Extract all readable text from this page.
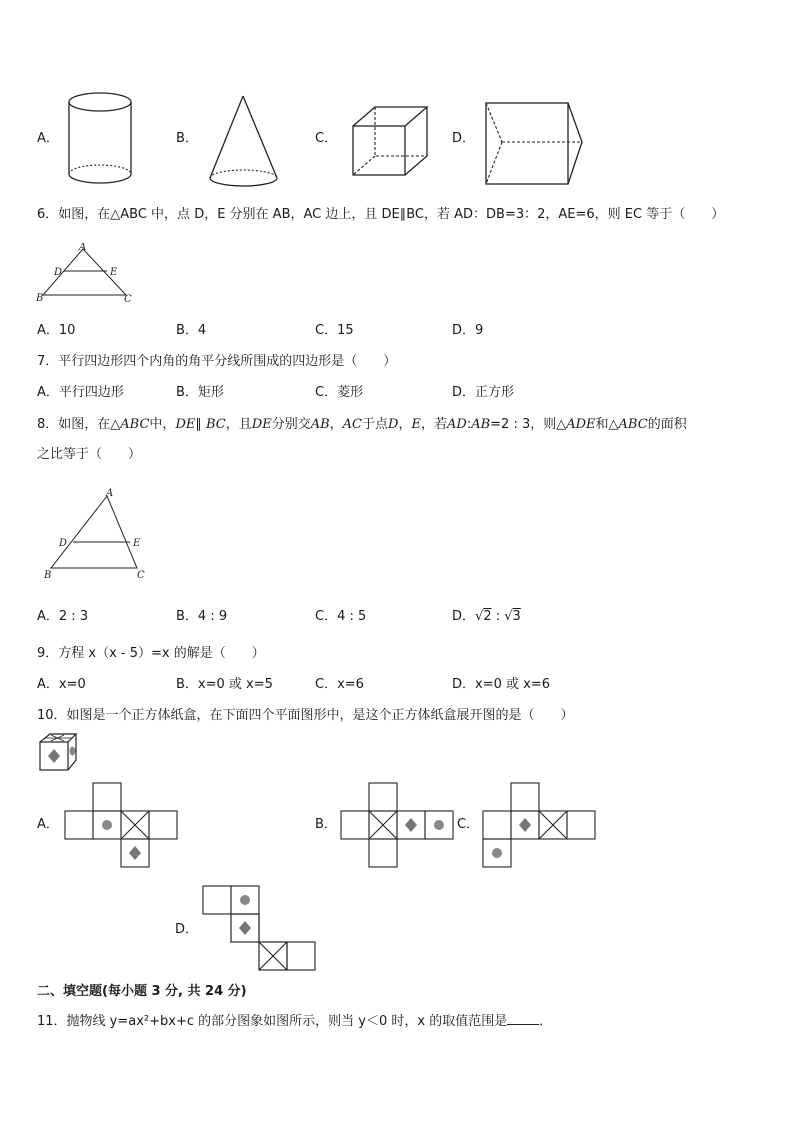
A．	B．	C．	D．
6．如图，在△ABC 中，点 D，E 分别在 AB，AC 边上，且 DE∥BC，若 AD：DB=3：2，AE=6，则 EC 等于（　　）
A
D	E
B	C
A．10	B．4	C．15	D．9
7．平行四边形四个内角的角平分线所围成的四边形是（　　）
A．平行四边形	B．矩形	C．菱形	D．正方形
8．如图，在△ABC中，DE∥ BC，且DE分别交AB，AC于点D，E，若AD:AB=2 : 3，则△ADE和△ABC的面积
之比等于（　　）
A
D	E
B	C
A．2 : 3	B．4 : 9	C．4 : 5	D．√2 : √3
9．方程 x（x - 5）=x 的解是（　　）
A．x=0	B．x=0 或 x=5	C．x=6	D．x=0 或 x=6
10．如图是一个正方体纸盒，在下面四个平面图形中，是这个正方体纸盒展开图的是（　　）
A．	B．	C．
D．
二、填空题(每小题 3 分, 共 24 分)
11．抛物线 y=ax²+bx+c 的部分图象如图所示，则当 y＜0 时，x 的取值范围是 ．
